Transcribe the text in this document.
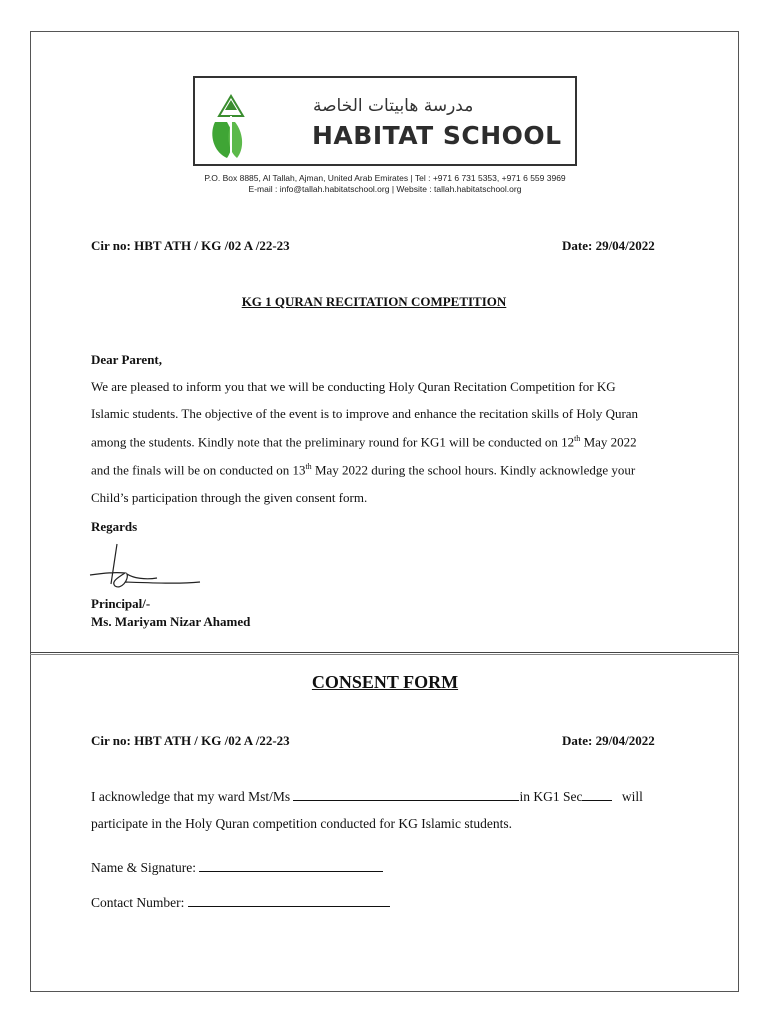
مدرسة هابيتات الخاصة
HABITAT SCHOOL
P.O. Box 8885, Al Tallah, Ajman, United Arab Emirates | Tel : +971 6 731 5353, +971 6 559 3969
E-mail : info@tallah.habitatschool.org | Website : tallah.habitatschool.org
Cir no: HBT ATH / KG /02 A /22-23	Date: 29/04/2022
KG 1 QURAN RECITATION COMPETITION
Dear Parent,
We are pleased to inform you that we will be conducting Holy Quran Recitation Competition for KG
Islamic students. The objective of the event is to improve and enhance the recitation skills of Holy Quran
among the students. Kindly note that the preliminary round for KG1 will be conducted on 12th May 2022
and the finals will be on conducted on 13th May 2022 during the school hours. Kindly acknowledge your
Child’s participation through the given consent form.
Regards
Principal/-
Ms. Mariyam Nizar Ahamed
CONSENT FORM
Cir no: HBT ATH / KG /02 A /22-23	Date: 29/04/2022
I acknowledge that my ward Mst/Ms	in KG1 Sec	will
participate in the Holy Quran competition conducted for KG Islamic students.
Name & Signature:
Contact Number:
